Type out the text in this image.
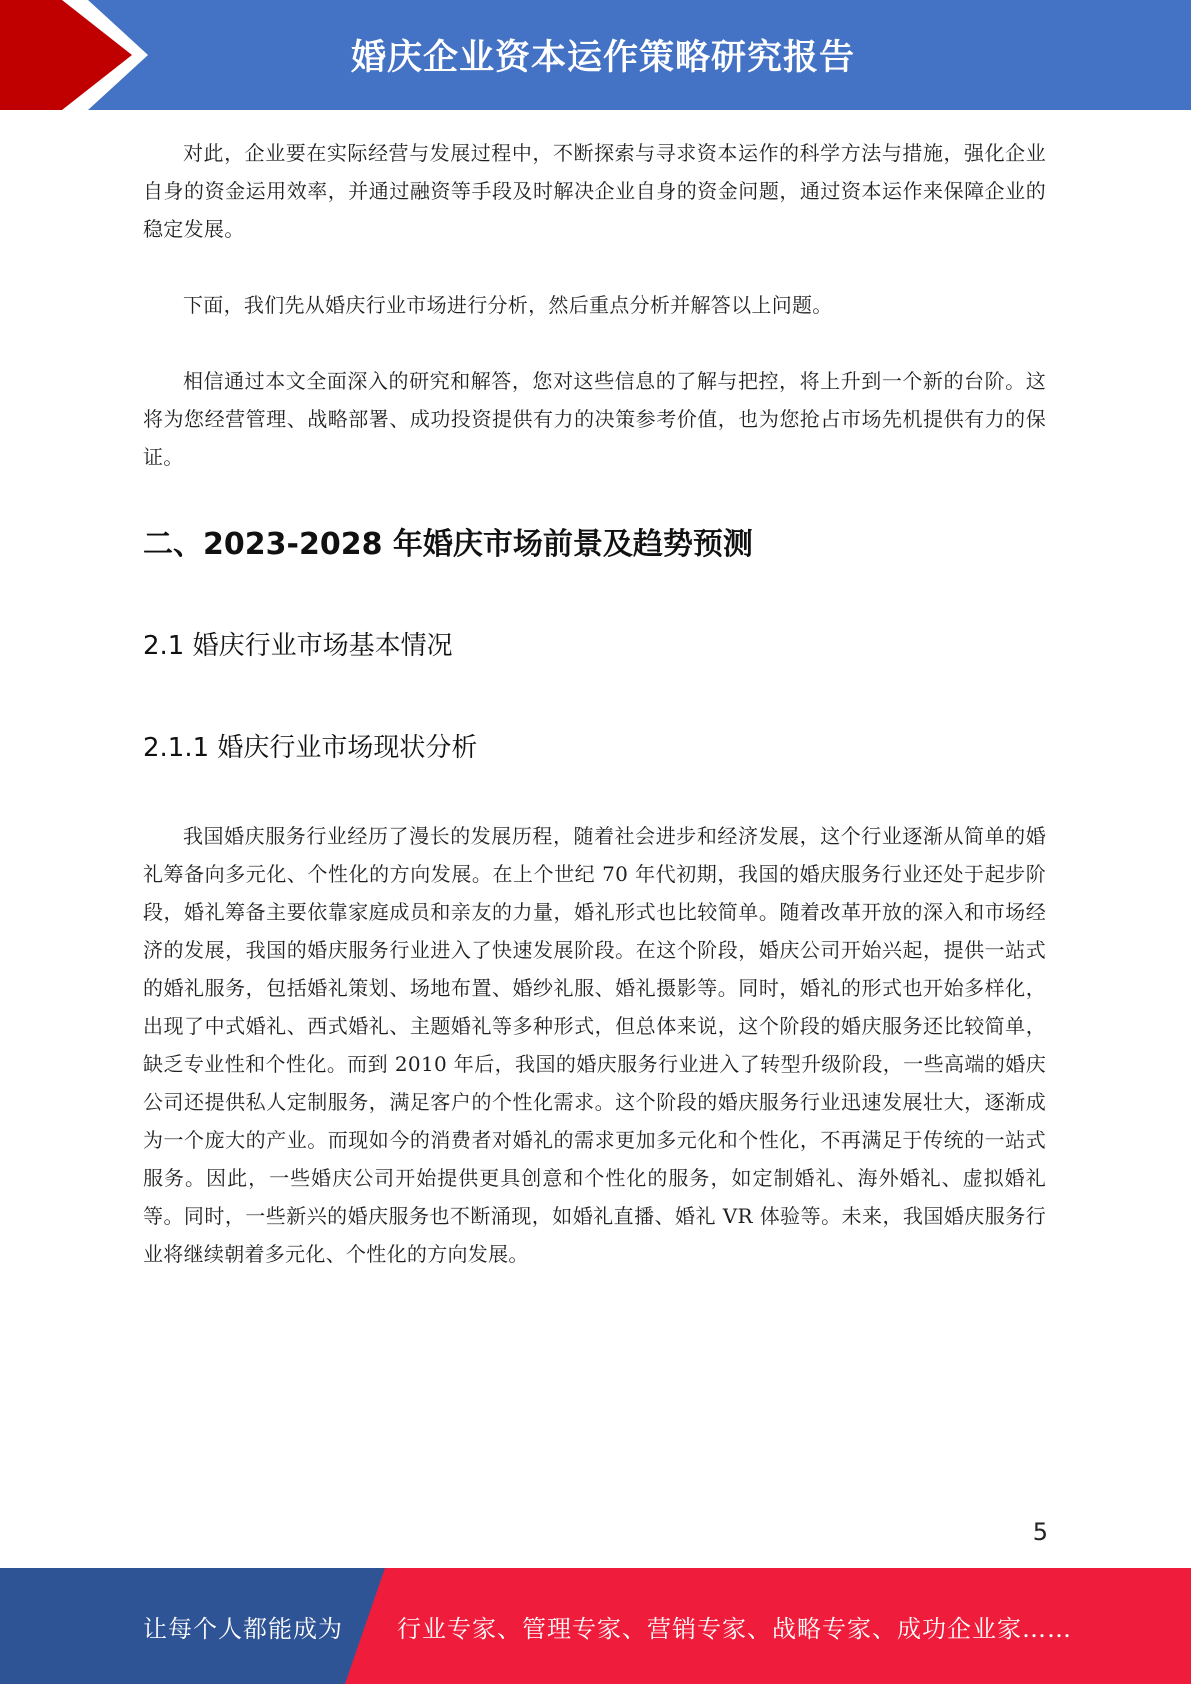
婚庆企业资本运作策略研究报告

对此，企业要在实际经营与发展过程中，不断探索与寻求资本运作的科学方法与措施，强化企业自身的资金运用效率，并通过融资等手段及时解决企业自身的资金问题，通过资本运作来保障企业的稳定发展。

下面，我们先从婚庆行业市场进行分析，然后重点分析并解答以上问题。

相信通过本文全面深入的研究和解答，您对这些信息的了解与把控，将上升到一个新的台阶。这将为您经营管理、战略部署、成功投资提供有力的决策参考价值，也为您抢占市场先机提供有力的保证。

二、2023-2028 年婚庆市场前景及趋势预测
2.1 婚庆行业市场基本情况
2.1.1 婚庆行业市场现状分析

我国婚庆服务行业经历了漫长的发展历程，随着社会进步和经济发展，这个行业逐渐从简单的婚礼筹备向多元化、个性化的方向发展。在上个世纪 70 年代初期，我国的婚庆服务行业还处于起步阶段，婚礼筹备主要依靠家庭成员和亲友的力量，婚礼形式也比较简单。随着改革开放的深入和市场经济的发展，我国的婚庆服务行业进入了快速发展阶段。在这个阶段，婚庆公司开始兴起，提供一站式的婚礼服务，包括婚礼策划、场地布置、婚纱礼服、婚礼摄影等。同时，婚礼的形式也开始多样化，出现了中式婚礼、西式婚礼、主题婚礼等多种形式，但总体来说，这个阶段的婚庆服务还比较简单，缺乏专业性和个性化。而到 2010 年后，我国的婚庆服务行业进入了转型升级阶段，一些高端的婚庆公司还提供私人定制服务，满足客户的个性化需求。这个阶段的婚庆服务行业迅速发展壮大，逐渐成为一个庞大的产业。而现如今的消费者对婚礼的需求更加多元化和个性化，不再满足于传统的一站式服务。因此，一些婚庆公司开始提供更具创意和个性化的服务，如定制婚礼、海外婚礼、虚拟婚礼等。同时，一些新兴的婚庆服务也不断涌现，如婚礼直播、婚礼 VR 体验等。未来，我国婚庆服务行业将继续朝着多元化、个性化的方向发展。

5
让每个人都能成为 行业专家、管理专家、营销专家、战略专家、成功企业家……
